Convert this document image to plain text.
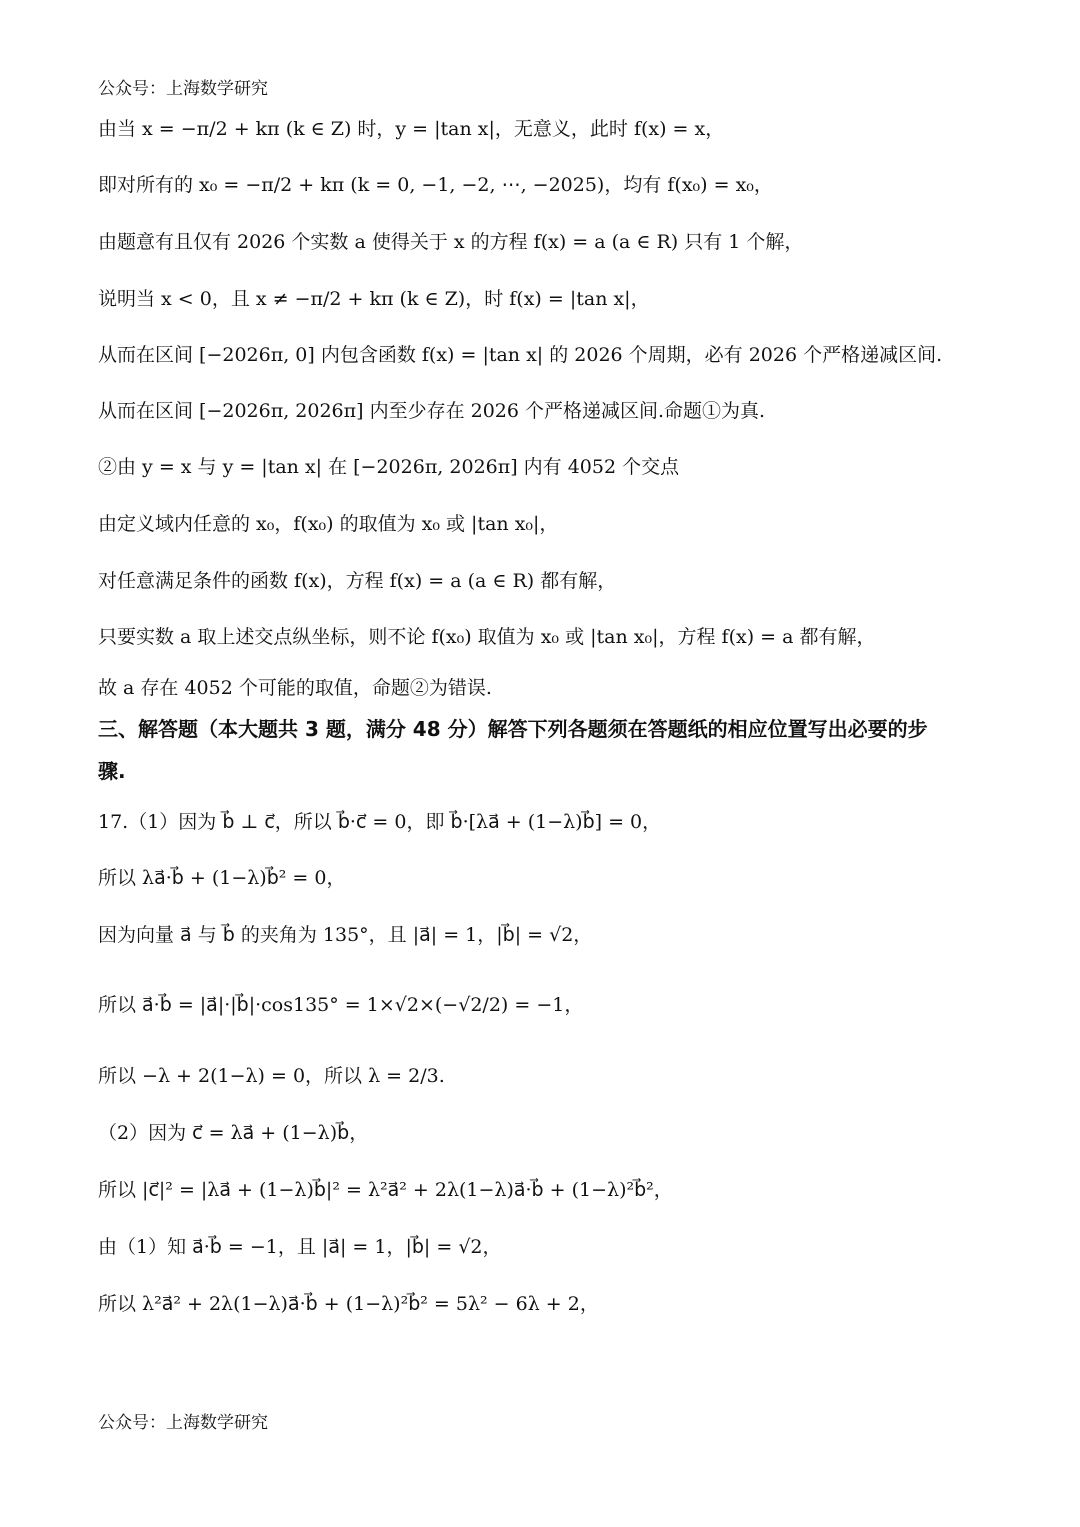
公众号：上海数学研究
由当 x = −π/2 + kπ (k ∈ Z) 时，y = |tan x|，无意义，此时 f(x) = x，
即对所有的 x₀ = −π/2 + kπ (k = 0, −1, −2, ⋯, −2025)，均有 f(x₀) = x₀，
由题意有且仅有 2026 个实数 a 使得关于 x 的方程 f(x) = a (a ∈ R) 只有 1 个解，
说明当 x < 0，且 x ≠ −π/2 + kπ (k ∈ Z)，时 f(x) = |tan x|，
从而在区间 [−2026π, 0] 内包含函数 f(x) = |tan x| 的 2026 个周期，必有 2026 个严格递减区间.
从而在区间 [−2026π, 2026π] 内至少存在 2026 个严格递减区间.命题①为真.
②由 y = x 与 y = |tan x| 在 [−2026π, 2026π] 内有 4052 个交点
由定义域内任意的 x₀，f(x₀) 的取值为 x₀ 或 |tan x₀|，
对任意满足条件的函数 f(x)，方程 f(x) = a (a ∈ R) 都有解，
只要实数 a 取上述交点纵坐标，则不论 f(x₀) 取值为 x₀ 或 |tan x₀|，方程 f(x) = a 都有解，
故 a 存在 4052 个可能的取值，命题②为错误.
三、解答题（本大题共 3 题，满分 48 分）解答下列各题须在答题纸的相应位置写出必要的步
骤.
17.（1）因为 b⃗ ⊥ c⃗，所以 b⃗·c⃗ = 0，即 b⃗·[λa⃗ + (1−λ)b⃗] = 0，
所以 λa⃗·b⃗ + (1−λ)b⃗² = 0，
因为向量 a⃗ 与 b⃗ 的夹角为 135°，且 |a⃗| = 1，|b⃗| = √2，
所以 a⃗·b⃗ = |a⃗|·|b⃗|·cos135° = 1×√2×(−√2/2) = −1，
所以 −λ + 2(1−λ) = 0，所以 λ = 2/3.
（2）因为 c⃗ = λa⃗ + (1−λ)b⃗，
所以 |c⃗|² = |λa⃗ + (1−λ)b⃗|² = λ²a⃗² + 2λ(1−λ)a⃗·b⃗ + (1−λ)²b⃗²，
由（1）知 a⃗·b⃗ = −1，且 |a⃗| = 1，|b⃗| = √2，
所以 λ²a⃗² + 2λ(1−λ)a⃗·b⃗ + (1−λ)²b⃗² = 5λ² − 6λ + 2，
公众号：上海数学研究
